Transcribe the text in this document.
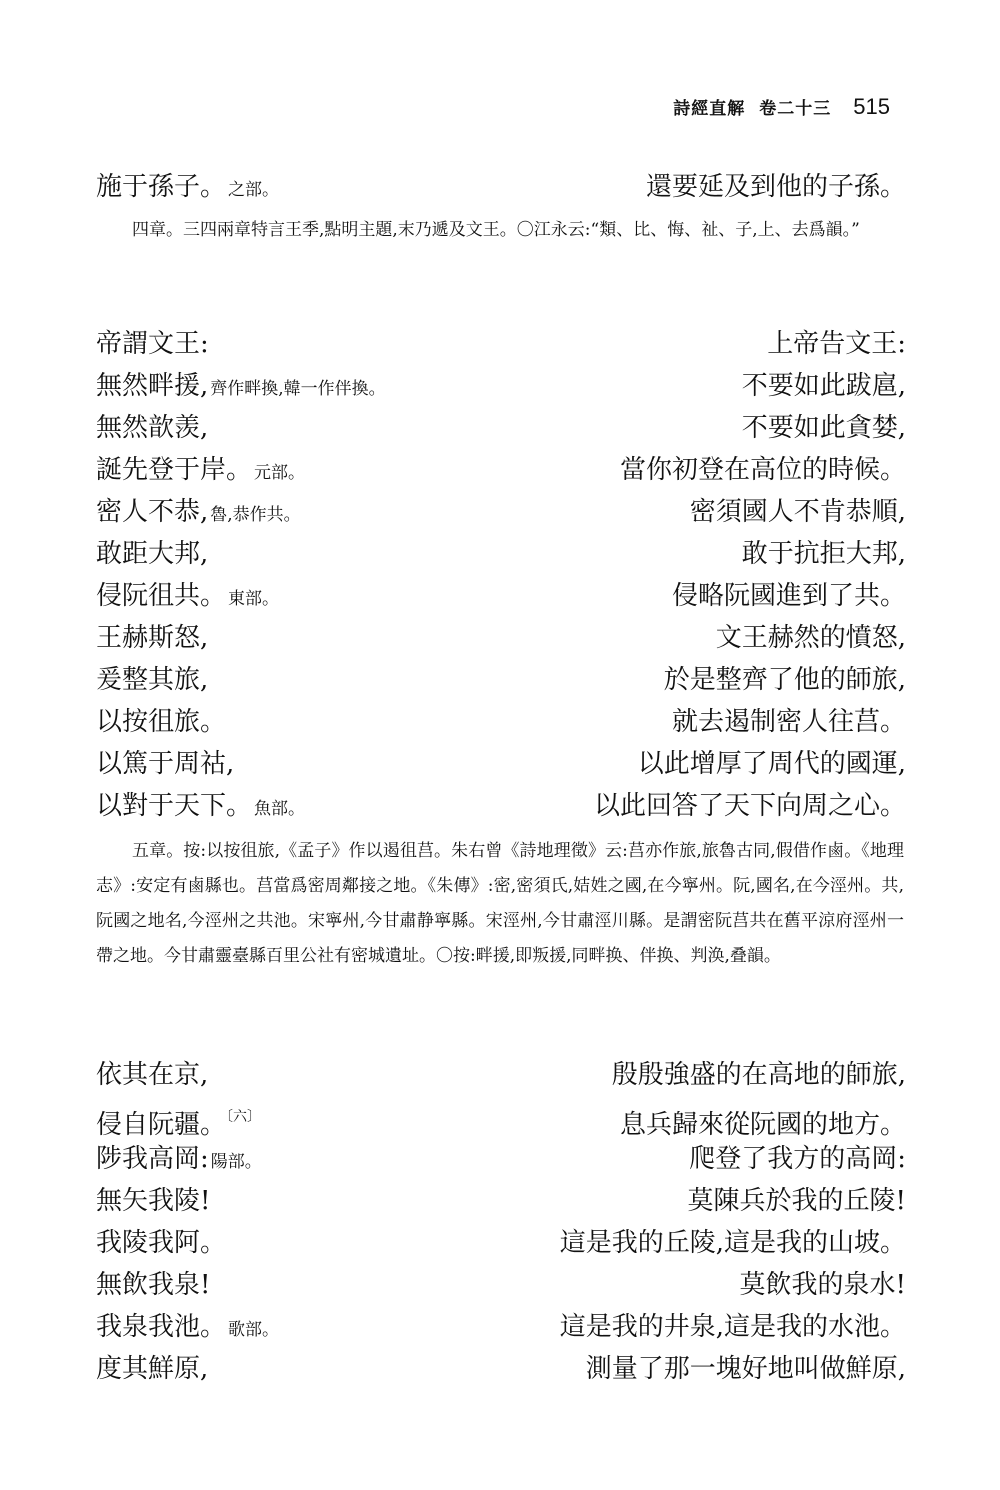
詩經直解 卷二十三 515
施于孫子。 之部。	還要延及到他的子孫。
四章。三四兩章特言王季,點明主題,末乃遞及文王。〇江永云:“類、比、悔、祉、子,上、去爲韻。”
帝謂文王:	上帝告文王:
無然畔援, 齊作畔換,韓一作伴換。	不要如此跋扈,
無然歆羡,	不要如此貪婪,
誕先登于岸。 元部。	當你初登在高位的時候。
密人不恭, 魯,恭作共。	密須國人不肯恭順,
敢距大邦,	敢于抗拒大邦,
侵阮徂共。 東部。	侵略阮國進到了共。
王赫斯怒,	文王赫然的憤怒,
爰整其旅,	於是整齊了他的師旅,
以按徂旅。	就去遏制密人往莒。
以篤于周祜,	以此增厚了周代的國運,
以對于天下。 魚部。	以此回答了天下向周之心。
五章。按:以按徂旅,《孟子》作以遏徂莒。朱右曾《詩地理徵》云:莒亦作旅,旅魯古同,假借作鹵。《地理志》:安定有鹵縣也。莒當爲密周鄰接之地。《朱傳》:密,密須氏,姞姓之國,在今寧州。阮,國名,在今涇州。共,阮國之地名,今涇州之共池。宋寧州,今甘肅静寧縣。宋涇州,今甘肅涇川縣。是謂密阮莒共在舊平涼府涇州一帶之地。今甘肅靈臺縣百里公社有密城遺址。〇按:畔援,即叛援,同畔换、伴换、判涣,叠韻。
依其在京,	殷殷強盛的在高地的師旅,
侵自阮疆。$^{〔六〕}$	息兵歸來從阮國的地方。
陟我高岡: 陽部。	爬登了我方的高岡:
無矢我陵!	莫陳兵於我的丘陵!
我陵我阿。	這是我的丘陵,這是我的山坡。
無飲我泉!	莫飲我的泉水!
我泉我池。 歌部。	這是我的井泉,這是我的水池。
度其鮮原,	測量了那一塊好地叫做鮮原,
